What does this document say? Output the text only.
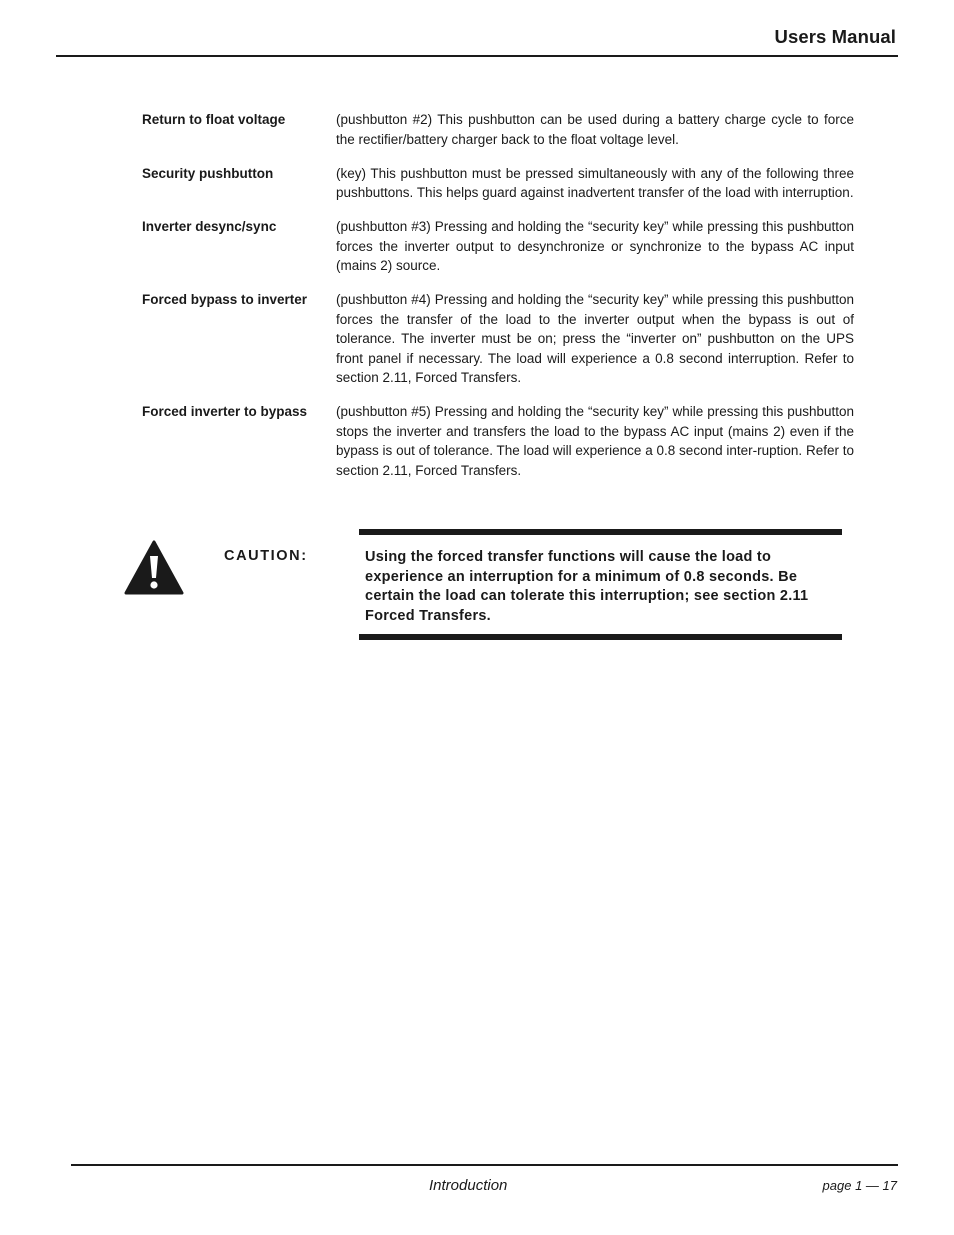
Users Manual
Return to float voltage	(pushbutton #2) This pushbutton can be used during a battery charge cycle to force the rectifier/battery charger back to the float voltage level.
Security pushbutton	(key) This pushbutton must be pressed simultaneously with any of the following three pushbuttons. This helps guard against inadvertent transfer of the load with interruption.
Inverter desync/sync	(pushbutton #3) Pressing and holding the “security key” while pressing this pushbutton forces the inverter output to desynchronize or synchronize to the bypass AC input (mains 2) source.
Forced bypass to inverter	(pushbutton #4) Pressing and holding the “security key” while pressing this pushbutton forces the transfer of the load to the inverter output when the bypass is out of tolerance. The inverter must be on; press the “inverter on” pushbutton on the UPS front panel if necessary. The load will experience a 0.8 second interruption. Refer to section 2.11, Forced Transfers.
Forced inverter to bypass	(pushbutton #5) Pressing and holding the “security key” while pressing this pushbutton stops the inverter and transfers the load to the bypass AC input (mains 2) even if the bypass is out of tolerance. The load will experience a 0.8 second inter-ruption. Refer to section 2.11, Forced Transfers.
CAUTION:	Using the forced transfer functions will cause the load to experience an interruption for a minimum of 0.8 seconds. Be certain the load can tolerate this interruption; see section 2.11 Forced Transfers.
Introduction	page 1 — 17
